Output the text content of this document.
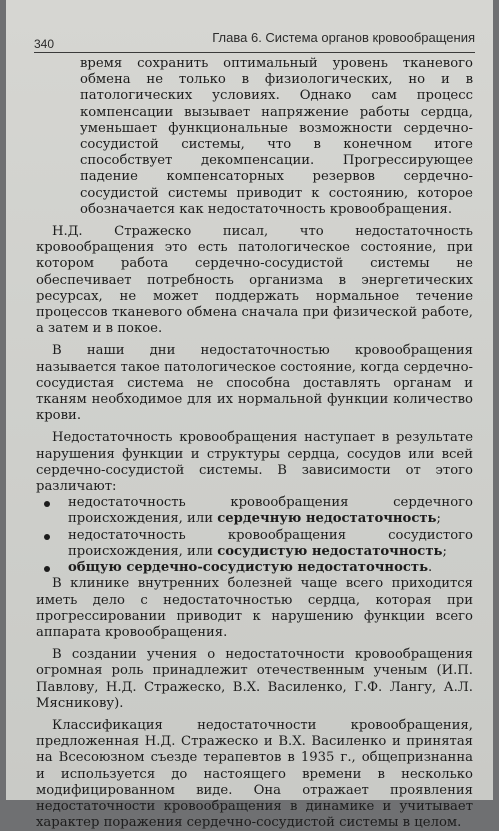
340	Глава 6. Система органов кровообращения

время сохранить оптимальный уровень тканевого обмена не только в физиологических, но и в патологических условиях. Однако сам процесс компенсации вызывает напряжение работы сердца, уменьшает функциональные возможности сердечно-сосудистой системы, что в конечном итоге способствует декомпенсации. Прогрессирующее падение компенсаторных резервов сердечно-сосудистой системы приводит к состоянию, которое обозначается как недостаточность кровообращения.

Н.Д. Стражеско писал, что недостаточность кровообращения это есть патологическое состояние, при котором работа сердечно-сосудистой системы не обеспечивает потребность организма в энергетических ресурсах, не может поддержать нормальное течение процессов тканевого обмена сначала при физической работе, а затем и в покое.

В наши дни недостаточностью кровообращения называется такое патологическое состояние, когда сердечно-сосудистая система не способна доставлять органам и тканям необходимое для их нормальной функции количество крови.

Недостаточность кровообращения наступает в результате нарушения функции и структуры сердца, сосудов или всей сердечно-сосудистой системы. В зависимости от этого различают:

недостаточность кровообращения сердечного происхождения, или сердечную недостаточность;
недостаточность кровообращения сосудистого происхождения, или сосудистую недостаточность;
общую сердечно-сосудистую недостаточность.

В клинике внутренних болезней чаще всего приходится иметь дело с недостаточностью сердца, которая при прогрессировании приводит к нарушению функции всего аппарата кровообращения.

В создании учения о недостаточности кровообращения огромная роль принадлежит отечественным ученым (И.П. Павлову, Н.Д. Стражеско, В.Х. Василенко, Г.Ф. Лангу, А.Л. Мясникову).

Классификация недостаточности кровообращения, предложенная Н.Д. Стражеско и В.Х. Василенко и принятая на Всесоюзном съезде терапевтов в 1935 г., общепризнанна и используется до настоящего времени в несколько модифицированном виде. Она отражает проявления недостаточности кровообращения в динамике и учитывает характер поражения сердечно-сосудистой системы в целом.
